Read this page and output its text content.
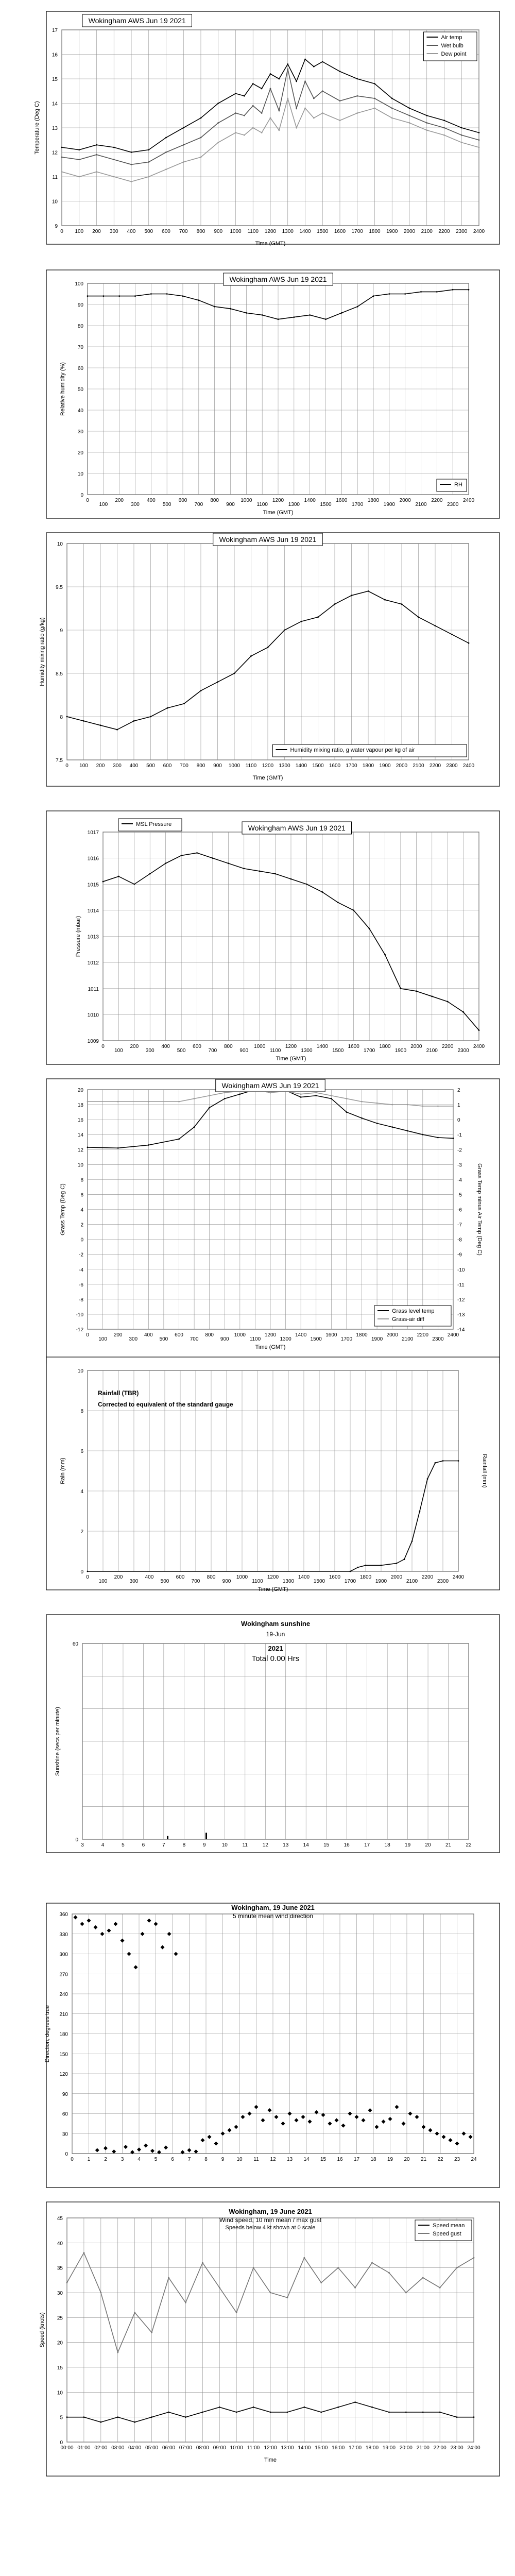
0 100 200 300 400 500 600 700 800 900 1000 1100 1200 1300 1400 1500 1600 1700 1800 1900 2000 2100 2200 2300 2400
9
10
11
12
13
14
15
16
17
Time (GMT)
Temperature (Deg C)
Wokingham AWS Jun 19 2021
Air temp
Wet bulb
Dew point
0
100
200
300
400
500
600
700
800
900
1000
1100
1200
1300
1400
1500
1600
1700
1800
1900
2000
2100
2200
2300
2400
0
10
20
30
40
50
60
70
80
90
100
Time (GMT)
Relative humidity (%)
Wokingham AWS Jun 19 2021
RH
0 100 200 300 400 500 600 700 800 900 1000 1100 1200 1300 1400 1500 1600 1700 1800 1900 2000 2100 2200 2300 2400
7.5
8
8.5
9
9.5
10
Time (GMT)
Humidity mixing ratio (g/kg)
Wokingham AWS Jun 19 2021
Humidity mixing ratio, g water vapour per kg of air
0
100
200
300
400
500
600
700
800
900
1000
1100
1200
1300
1400
1500
1600
1700
1800
1900
2000
2100
2200
2300
2400
1009
1010
1011
1012
1013
1014
1015
1016
1017
Time (GMT)
Pressure (mbar)
Wokingham AWS Jun 19 2021
MSL Pressure
0
100
200
300
400
500
600
700
800
900
1000
1100
1200
1300
1400
1500
1600
1700
1800
1900
2000
2100
2200
2300
2400
-12
-10
-8
-6
-4
-2
0
2
4
6
8
10
12
14
16
18
20
-14
-13
-12
-11
-10
-9
-8
-7
-6
-5
-4
-3
-2
-1
0
1
2
Time (GMT)
Grass Temp (Deg C)	Grass Temp minus Air Temp (Deg C)
Wokingham AWS Jun 19 2021
Grass level temp
Grass-air diff
0
100
200
300
400
500
600
700
800
900
1000
1100
1200
1300
1400
1500
1600
1700
1800
1900
2000
2100
2200
2300
2400
0
2
4
6
8
10
Time (GMT)
Rain (mm)	Rainfall (mm)
Rainfall (TBR)
Corrected to equivalent of the standard gauge
3	4	5	6	7	8	9	10	11	12	13	14	15	16	17	18	19	20	21	22
0
60
Sunshine (secs per minute)
Wokingham sunshine
19-Jun
2021
Total 0.00 Hrs
0	1	2	3	4	5	6	7	8	9 10 11 12 13 14 15 16 17 18 19 20 21 22 23 24
0
30
60
90
120
150
180
210
240
270
300
330
360
Direction, degrees true
Wokingham, 19 June 2021
5 minute mean wind direction
00:00 01:00 02:00 03:00 04:00 05:00 06:00 07:00 08:00 09:00 10:00 11:00 12:00 13:00 14:00 15:00 16:00 17:00 18:00 19:00 20:00 21:00 22:00 23:00 24:00
0
5
10
15
20
25
30
35
40
45
Time
Speed (knots)
Wokingham, 19 June 2021
Wind speed, 10 min mean / max gust
Speeds below 4 kt shown at 0 scale	Speed mean
Speed gust
